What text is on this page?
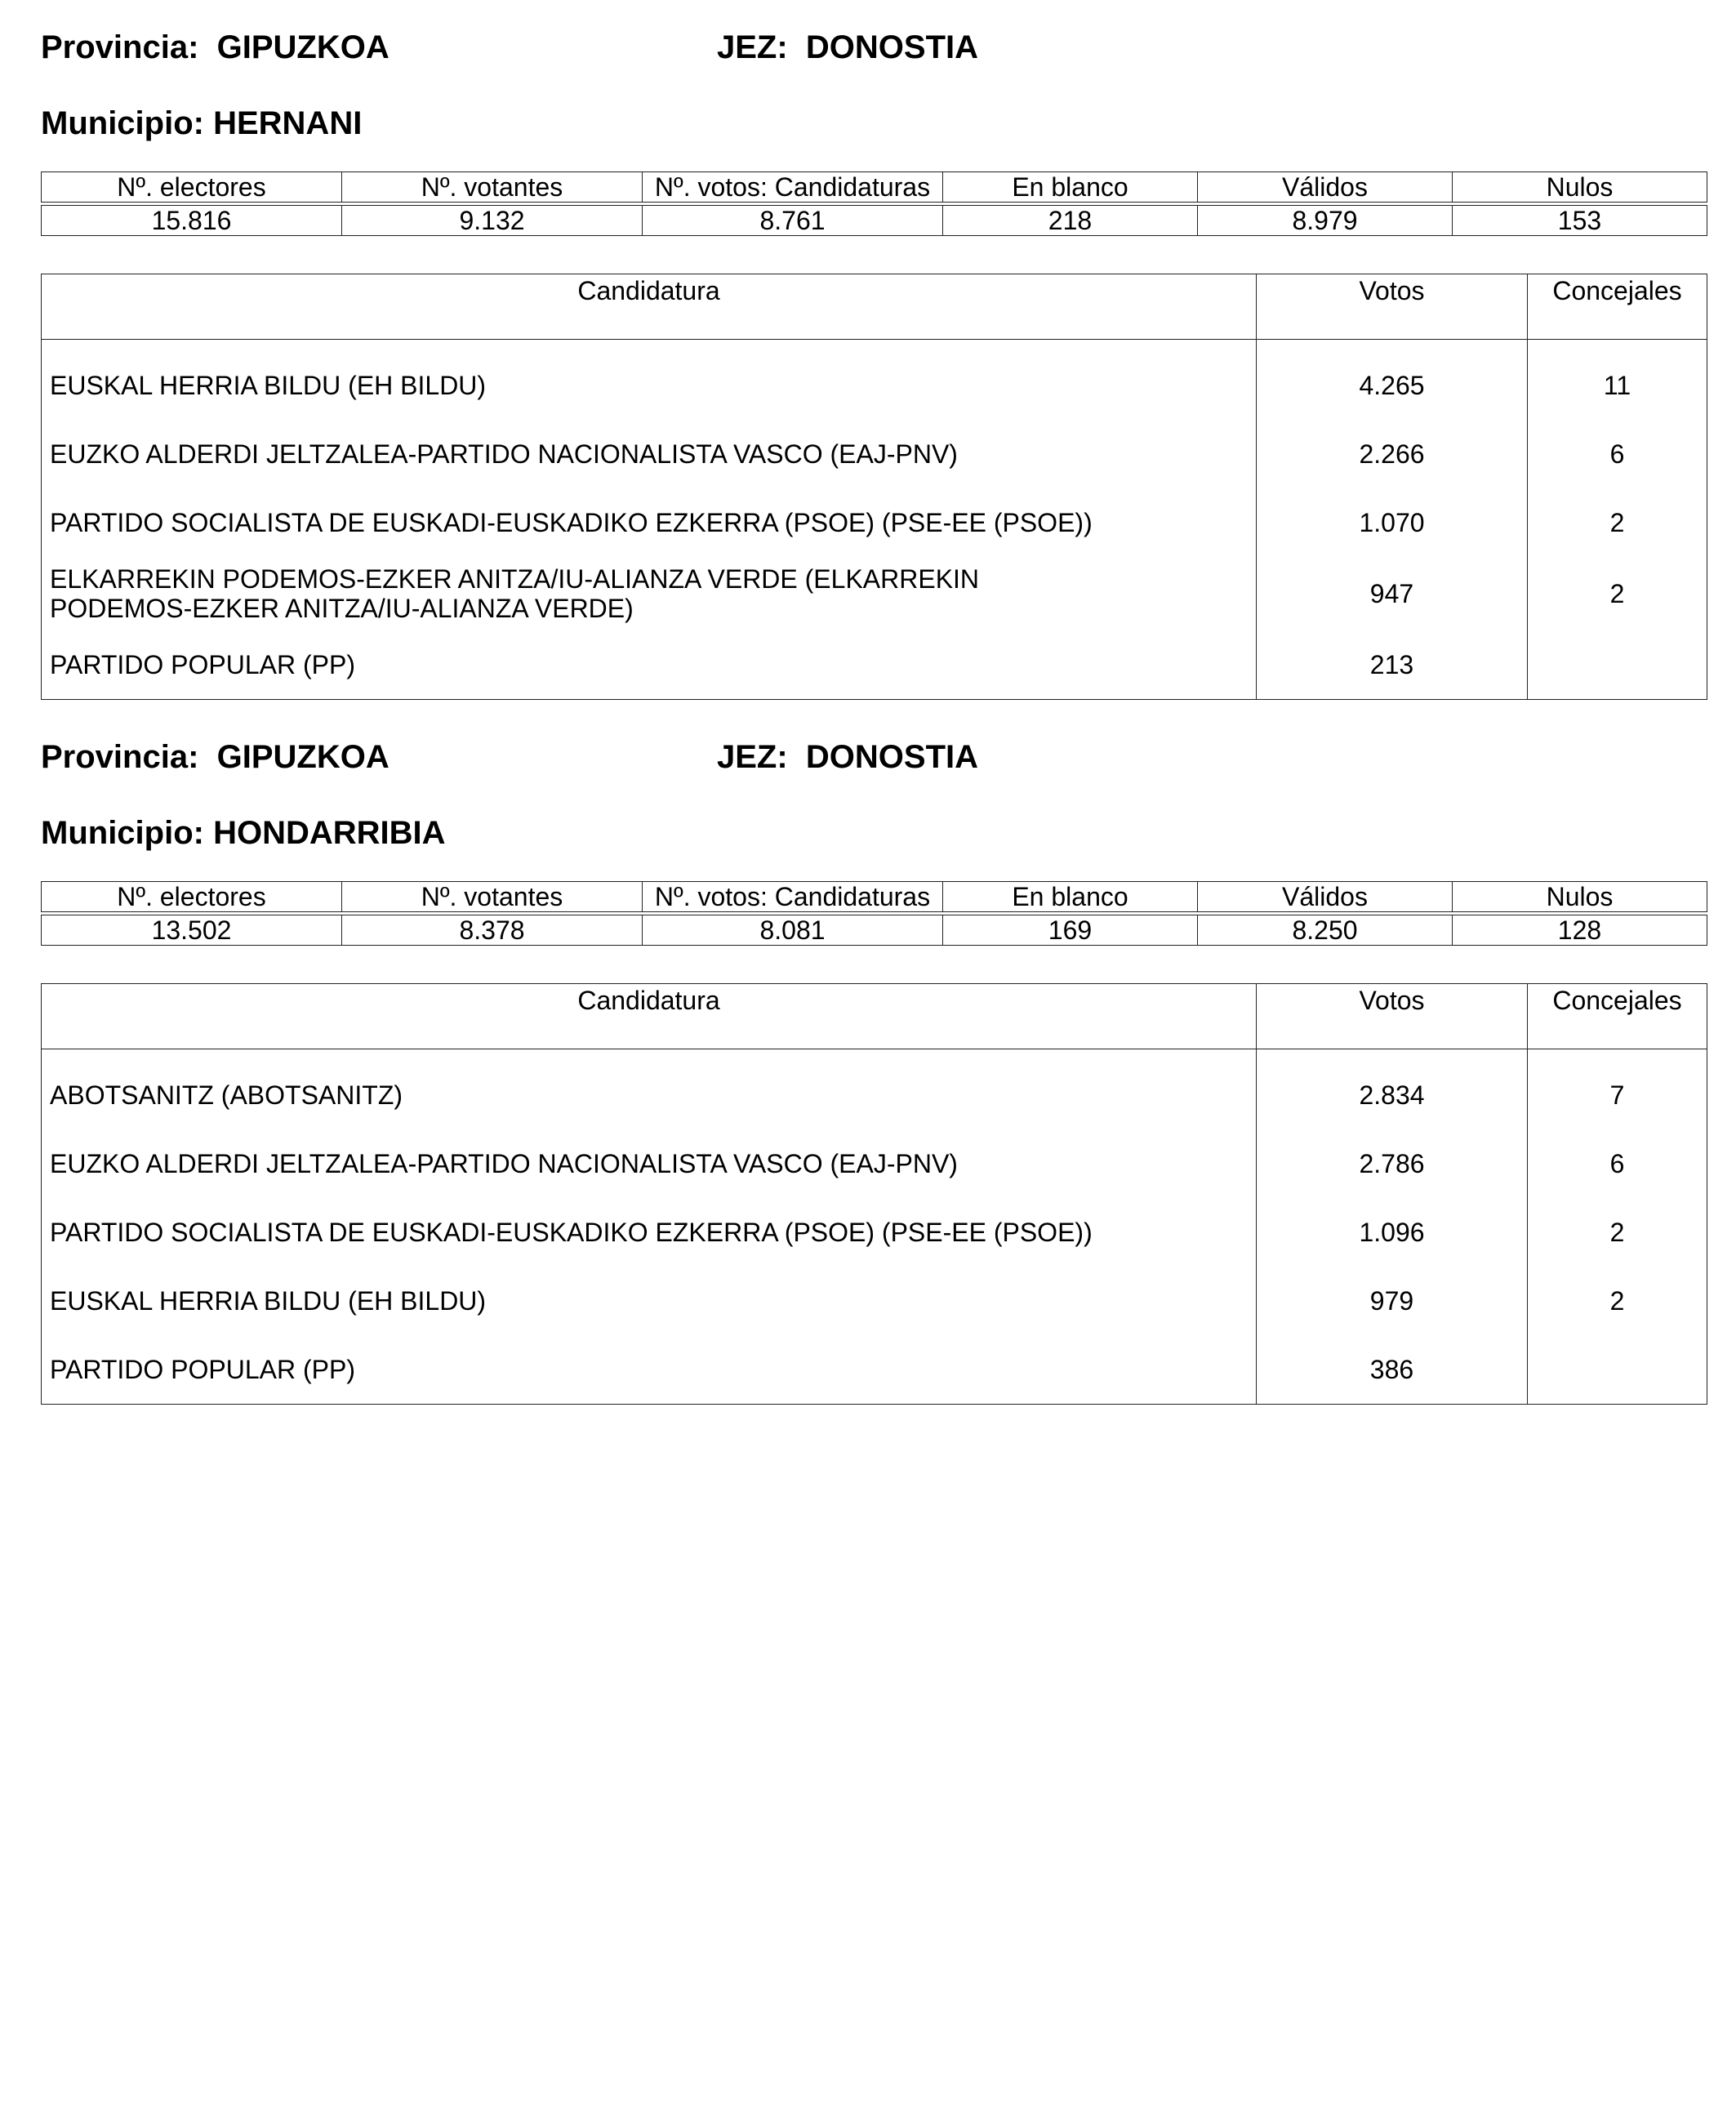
Provincia: GIPUZKOA	JEZ: DONOSTIA
Municipio: HERNANI
Nº. electores	Nº. votantes	Nº. votos: Candidaturas	En blanco	Válidos	Nulos

15.816	9.132	8.761	218	8.979	153
Candidatura	Votos	Concejales
EUSKAL HERRIA BILDU (EH BILDU)	4.265	11
EUZKO ALDERDI JELTZALEA-PARTIDO NACIONALISTA VASCO (EAJ-PNV)	2.266	6
PARTIDO SOCIALISTA DE EUSKADI-EUSKADIKO EZKERRA (PSOE) (PSE-EE (PSOE))	1.070	2
ELKARREKIN PODEMOS-EZKER ANITZA/IU-ALIANZA VERDE (ELKARREKIN PODEMOS-EZKER ANITZA/IU-ALIANZA VERDE)	947	2
PARTIDO POPULAR (PP)	213	
Provincia: GIPUZKOA	JEZ: DONOSTIA
Municipio: HONDARRIBIA
Nº. electores	Nº. votantes	Nº. votos: Candidaturas	En blanco	Válidos	Nulos

13.502	8.378	8.081	169	8.250	128
Candidatura	Votos	Concejales
ABOTSANITZ (ABOTSANITZ)	2.834	7
EUZKO ALDERDI JELTZALEA-PARTIDO NACIONALISTA VASCO (EAJ-PNV)	2.786	6
PARTIDO SOCIALISTA DE EUSKADI-EUSKADIKO EZKERRA (PSOE) (PSE-EE (PSOE))	1.096	2
EUSKAL HERRIA BILDU (EH BILDU)	979	2
PARTIDO POPULAR (PP)	386	
